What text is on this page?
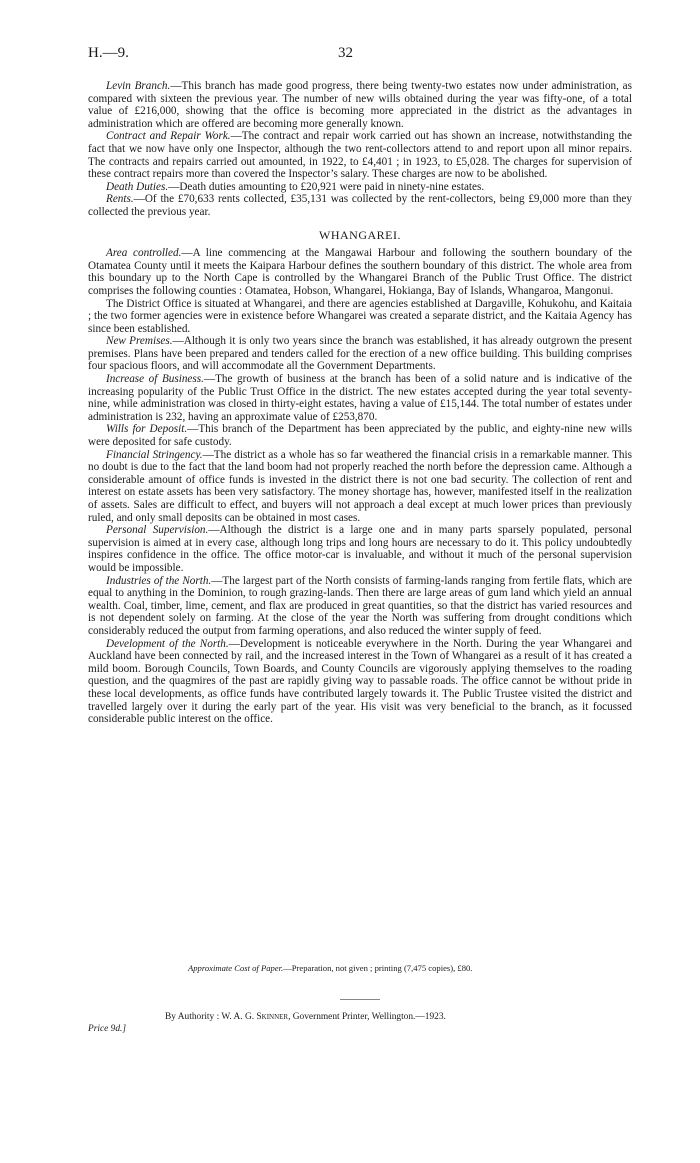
H.—9.	32

Levin Branch.—This branch has made good progress, there being twenty-two estates now under administration, as compared with sixteen the previous year. The number of new wills obtained during the year was fifty-one, of a total value of £216,000, showing that the office is becoming more appreciated in the district as the advantages in administration which are offered are becoming more generally known.

Contract and Repair Work.—The contract and repair work carried out has shown an increase, notwithstanding the fact that we now have only one Inspector, although the two rent-collectors attend to and report upon all minor repairs. The contracts and repairs carried out amounted, in 1922, to £4,401 ; in 1923, to £5,028. The charges for supervision of these contract repairs more than covered the Inspector’s salary. These charges are now to be abolished.

Death Duties.—Death duties amounting to £20,921 were paid in ninety-nine estates.

Rents.—Of the £70,633 rents collected, £35,131 was collected by the rent-collectors, being £9,000 more than they collected the previous year.

WHANGAREI.

Area controlled.—A line commencing at the Mangawai Harbour and following the southern boundary of the Otamatea County until it meets the Kaipara Harbour defines the southern boundary of this district. The whole area from this boundary up to the North Cape is controlled by the Whangarei Branch of the Public Trust Office. The district comprises the following counties : Otamatea, Hobson, Whangarei, Hokianga, Bay of Islands, Whangaroa, Mangonui.

The District Office is situated at Whangarei, and there are agencies established at Dargaville, Kohukohu, and Kaitaia ; the two former agencies were in existence before Whangarei was created a separate district, and the Kaitaia Agency has since been established.

New Premises.—Although it is only two years since the branch was established, it has already outgrown the present premises. Plans have been prepared and tenders called for the erection of a new office building. This building comprises four spacious floors, and will accommodate all the Government Departments.

Increase of Business.—The growth of business at the branch has been of a solid nature and is indicative of the increasing popularity of the Public Trust Office in the district. The new estates accepted during the year total seventy-nine, while administration was closed in thirty-eight estates, having a value of £15,144. The total number of estates under administration is 232, having an approximate value of £253,870.

Wills for Deposit.—This branch of the Department has been appreciated by the public, and eighty-nine new wills were deposited for safe custody.

Financial Stringency.—The district as a whole has so far weathered the financial crisis in a remarkable manner. This no doubt is due to the fact that the land boom had not properly reached the north before the depression came. Although a considerable amount of office funds is invested in the district there is not one bad security. The collection of rent and interest on estate assets has been very satisfactory. The money shortage has, however, manifested itself in the realization of assets. Sales are difficult to effect, and buyers will not approach a deal except at much lower prices than previously ruled, and only small deposits can be obtained in most cases.

Personal Supervision.—Although the district is a large one and in many parts sparsely populated, personal supervision is aimed at in every case, although long trips and long hours are necessary to do it. This policy undoubtedly inspires confidence in the office. The office motor-car is invaluable, and without it much of the personal supervision would be impossible.

Industries of the North.—The largest part of the North consists of farming-lands ranging from fertile flats, which are equal to anything in the Dominion, to rough grazing-lands. Then there are large areas of gum land which yield an annual wealth. Coal, timber, lime, cement, and flax are produced in great quantities, so that the district has varied resources and is not dependent solely on farming. At the close of the year the North was suffering from drought conditions which considerably reduced the output from farming operations, and also reduced the winter supply of feed.

Development of the North.—Development is noticeable everywhere in the North. During the year Whangarei and Auckland have been connected by rail, and the increased interest in the Town of Whangarei as a result of it has created a mild boom. Borough Councils, Town Boards, and County Councils are vigorously applying themselves to the roading question, and the quagmires of the past are rapidly giving way to passable roads. The office cannot be without pride in these local developments, as office funds have contributed largely towards it. The Public Trustee visited the district and travelled largely over it during the early part of the year. His visit was very beneficial to the branch, as it focussed considerable public interest on the office.

Approximate Cost of Paper.—Preparation, not given ; printing (7,475 copies), £80.
By Authority : W. A. G. Skinner, Government Printer, Wellington.—1923.
Price 9d.]
